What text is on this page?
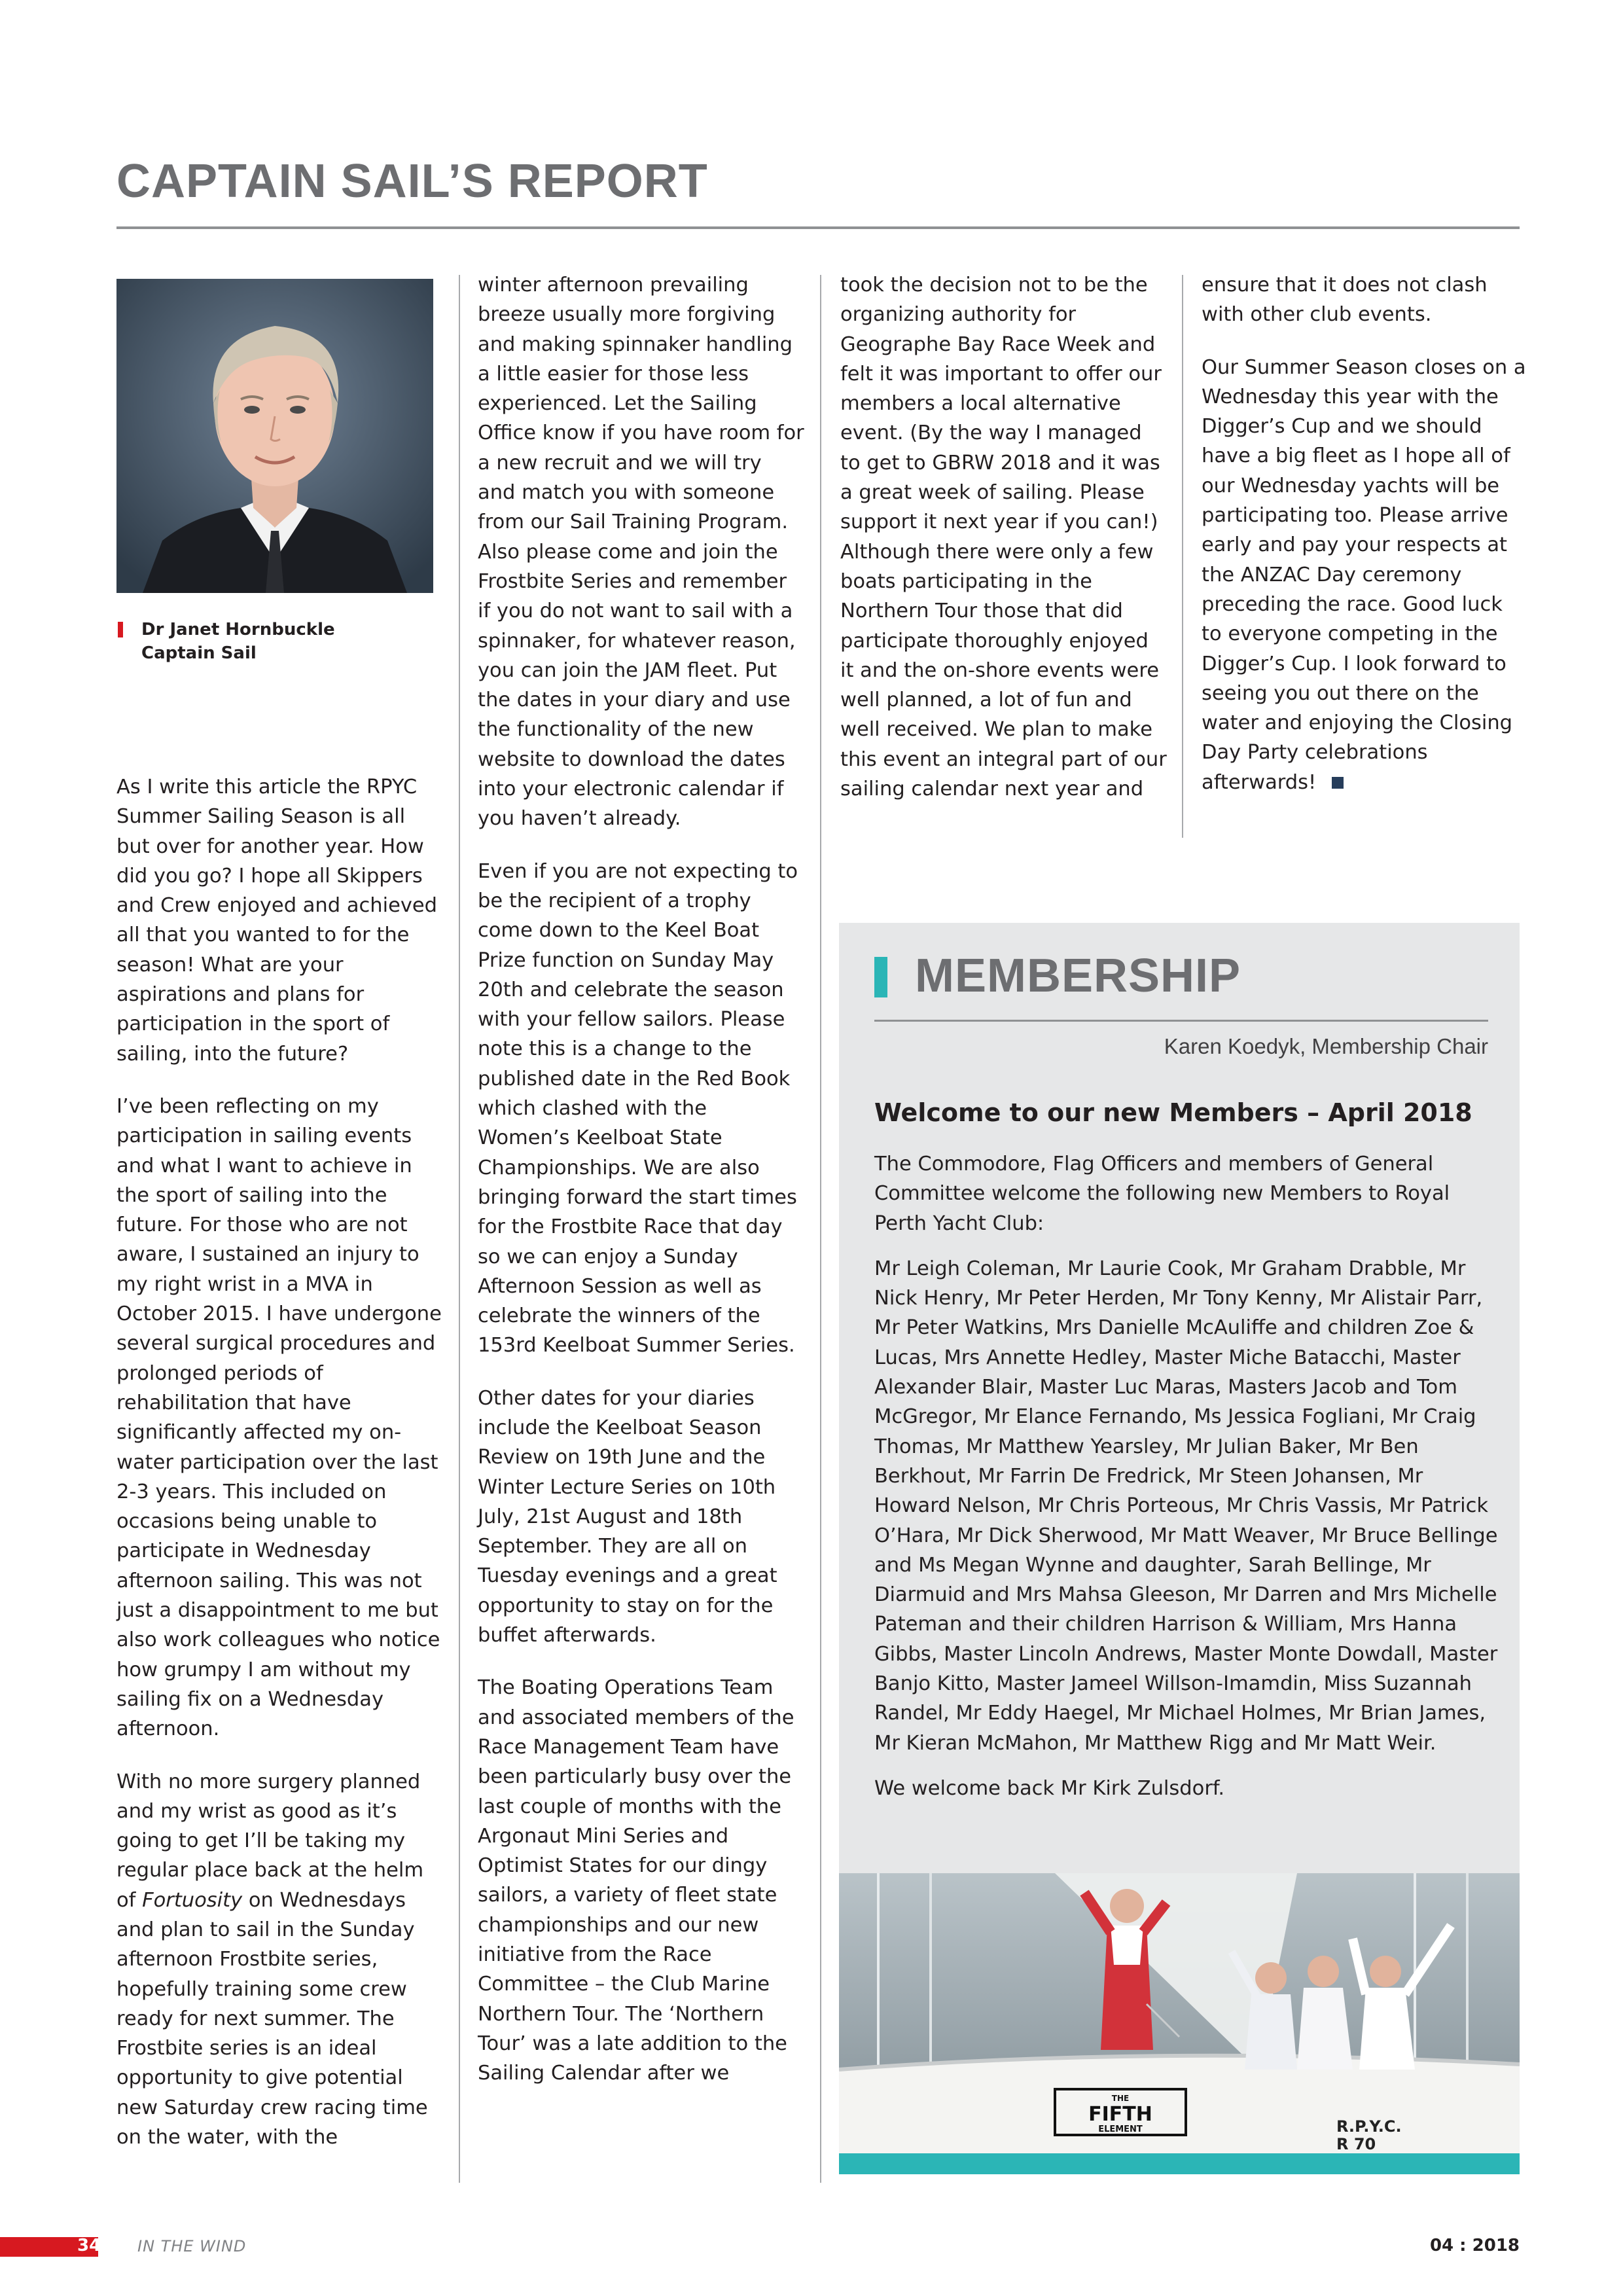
CAPTAIN SAIL’S REPORT
Dr Janet Hornbuckle
Captain Sail

As I write this article the RPYC Summer Sailing Season is all but over for another year. How did you go? I hope all Skippers and Crew enjoyed and achieved all that you wanted to for the season! What are your aspirations and plans for participation in the sport of sailing, into the future?

I’ve been reflecting on my participation in sailing events and what I want to achieve in the sport of sailing into the future. For those who are not aware, I sustained an injury to my right wrist in a MVA in October 2015. I have undergone several surgical procedures and prolonged periods of rehabilitation that have significantly affected my on-water participation over the last 2-3 years. This included on occasions being unable to participate in Wednesday afternoon sailing. This was not just a disappointment to me but also work colleagues who notice how grumpy I am without my sailing fix on a Wednesday afternoon.

With no more surgery planned and my wrist as good as it’s going to get I’ll be taking my regular place back at the helm of Fortuosity on Wednesdays and plan to sail in the Sunday afternoon Frostbite series, hopefully training some crew ready for next summer. The Frostbite series is an ideal opportunity to give potential new Saturday crew racing time on the water, with the

winter afternoon prevailing breeze usually more forgiving and making spinnaker handling a little easier for those less experienced. Let the Sailing Office know if you have room for a new recruit and we will try and match you with someone from our Sail Training Program. Also please come and join the Frostbite Series and remember if you do not want to sail with a spinnaker, for whatever reason, you can join the JAM fleet. Put the dates in your diary and use the functionality of the new website to download the dates into your electronic calendar if you haven’t already.

Even if you are not expecting to be the recipient of a trophy come down to the Keel Boat Prize function on Sunday May 20th and celebrate the season with your fellow sailors. Please note this is a change to the published date in the Red Book which clashed with the Women’s Keelboat State Championships. We are also bringing forward the start times for the Frostbite Race that day so we can enjoy a Sunday Afternoon Session as well as celebrate the winners of the 153rd Keelboat Summer Series.

Other dates for your diaries include the Keelboat Season Review on 19th June and the Winter Lecture Series on 10th July, 21st August and 18th September. They are all on Tuesday evenings and a great opportunity to stay on for the buffet afterwards.

The Boating Operations Team and associated members of the Race Management Team have been particularly busy over the last couple of months with the Argonaut Mini Series and Optimist States for our dingy sailors, a variety of fleet state championships and our new initiative from the Race Committee – the Club Marine Northern Tour. The ‘Northern Tour’ was a late addition to the Sailing Calendar after we

took the decision not to be the organizing authority for Geographe Bay Race Week and felt it was important to offer our members a local alternative event. (By the way I managed to get to GBRW 2018 and it was a great week of sailing. Please support it next year if you can!) Although there were only a few boats participating in the Northern Tour those that did participate thoroughly enjoyed it and the on-shore events were well planned, a lot of fun and well received. We plan to make this event an integral part of our sailing calendar next year and

ensure that it does not clash with other club events.

Our Summer Season closes on a Wednesday this year with the Digger’s Cup and we should have a big fleet as I hope all of our Wednesday yachts will be participating too. Please arrive early and pay your respects at the ANZAC Day ceremony preceding the race. Good luck to everyone competing in the Digger’s Cup. I look forward to seeing you out there on the water and enjoying the Closing Day Party celebrations afterwards!

MEMBERSHIP
Karen Koedyk, Membership Chair
Welcome to our new Members – April 2018

The Commodore, Flag Officers and members of General Committee welcome the following new Members to Royal Perth Yacht Club:

Mr Leigh Coleman, Mr Laurie Cook, Mr Graham Drabble, Mr Nick Henry, Mr Peter Herden, Mr Tony Kenny, Mr Alistair Parr, Mr Peter Watkins, Mrs Danielle McAuliffe and children Zoe & Lucas, Mrs Annette Hedley, Master Miche Batacchi, Master Alexander Blair, Master Luc Maras, Masters Jacob and Tom McGregor, Mr Elance Fernando, Ms Jessica Fogliani, Mr Craig Thomas, Mr Matthew Yearsley, Mr Julian Baker, Mr Ben Berkhout, Mr Farrin De Fredrick, Mr Steen Johansen, Mr Howard Nelson, Mr Chris Porteous, Mr Chris Vassis, Mr Patrick O’Hara, Mr Dick Sherwood, Mr Matt Weaver, Mr Bruce Bellinge and Ms Megan Wynne and daughter, Sarah Bellinge, Mr Diarmuid and Mrs Mahsa Gleeson, Mr Darren and Mrs Michelle Pateman and their children Harrison & William, Mrs Hanna Gibbs, Master Lincoln Andrews, Master Monte Dowdall, Master Banjo Kitto, Master Jameel Willson-Imamdin, Miss Suzannah Randel, Mr Eddy Haegel, Mr Michael Holmes, Mr Brian James, Mr Kieran McMahon, Mr Matthew Rigg and Mr Matt Weir.

We welcome back Mr Kirk Zulsdorf.

THE
FIFTH
ELEMENT	R.P.Y.C.
R 70
34 IN THE WIND	04 : 2018
